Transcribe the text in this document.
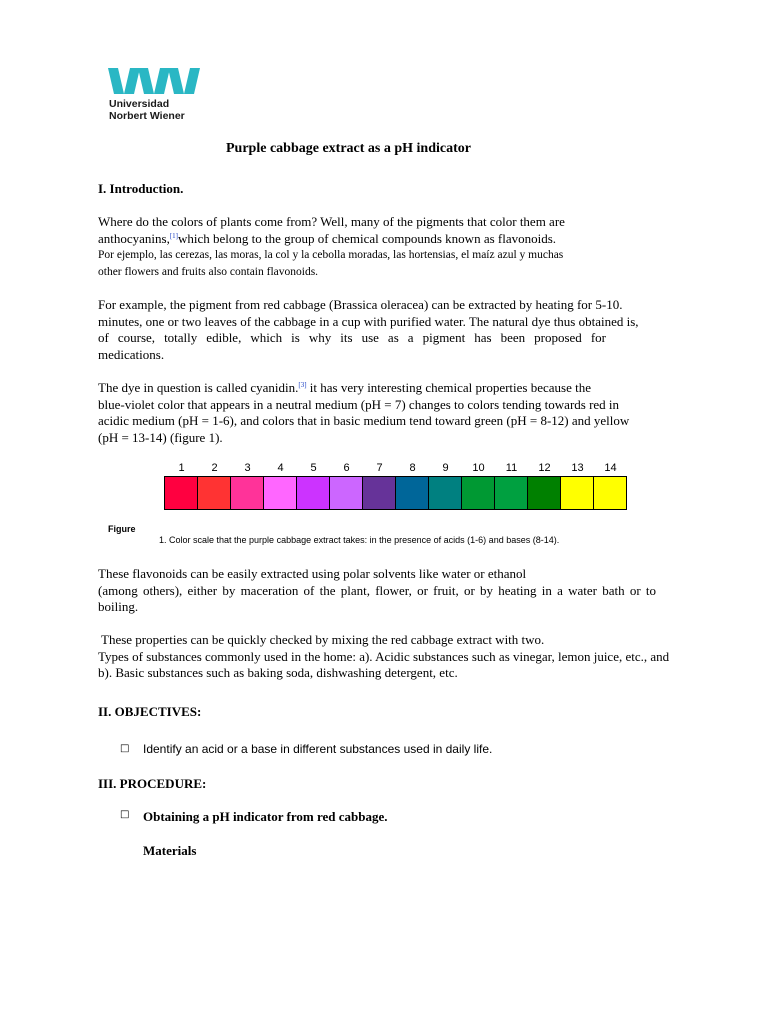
Universidad
Norbert Wiener
Purple cabbage extract as a pH indicator
I. Introduction.

Where do the colors of plants come from? Well, many of the pigments that color them are

anthocyanins,[1]which belong to the group of chemical compounds known as flavonoids.

Por ejemplo, las cerezas, las moras, la col y la cebolla moradas, las hortensias, el maíz azul y muchas

other flowers and fruits also contain flavonoids.

For example, the pigment from red cabbage (Brassica oleracea) can be extracted by heating for 5-10.

minutes, one or two leaves of the cabbage in a cup with purified water. The natural dye thus obtained is,

of course, totally edible, which is why its use as a pigment has been proposed for

medications.

The dye in question is called cyanidin.[3] it has very interesting chemical properties because the

blue-violet color that appears in a neutral medium (pH = 7) changes to colors tending towards red in

acidic medium (pH = 1-6), and colors that in basic medium tend toward green (pH = 8-12) and yellow

(pH = 13-14) (figure 1).

1	2	3	4	5	6	7	8	9	10	11	12	13	14
Figure
1. Color scale that the purple cabbage extract takes: in the presence of acids (1-6) and bases (8-14).

These flavonoids can be easily extracted using polar solvents like water or ethanol

(among others), either by maceration of the plant, flower, or fruit, or by heating in a water bath or to

boiling.

These properties can be quickly checked by mixing the red cabbage extract with two.

Types of substances commonly used in the home: a). Acidic substances such as vinegar, lemon juice, etc., and

b). Basic substances such as baking soda, dishwashing detergent, etc.

II. OBJECTIVES:
□ Identify an acid or a base in different substances used in daily life.
III. PROCEDURE:
□ Obtaining a pH indicator from red cabbage.
Materials
